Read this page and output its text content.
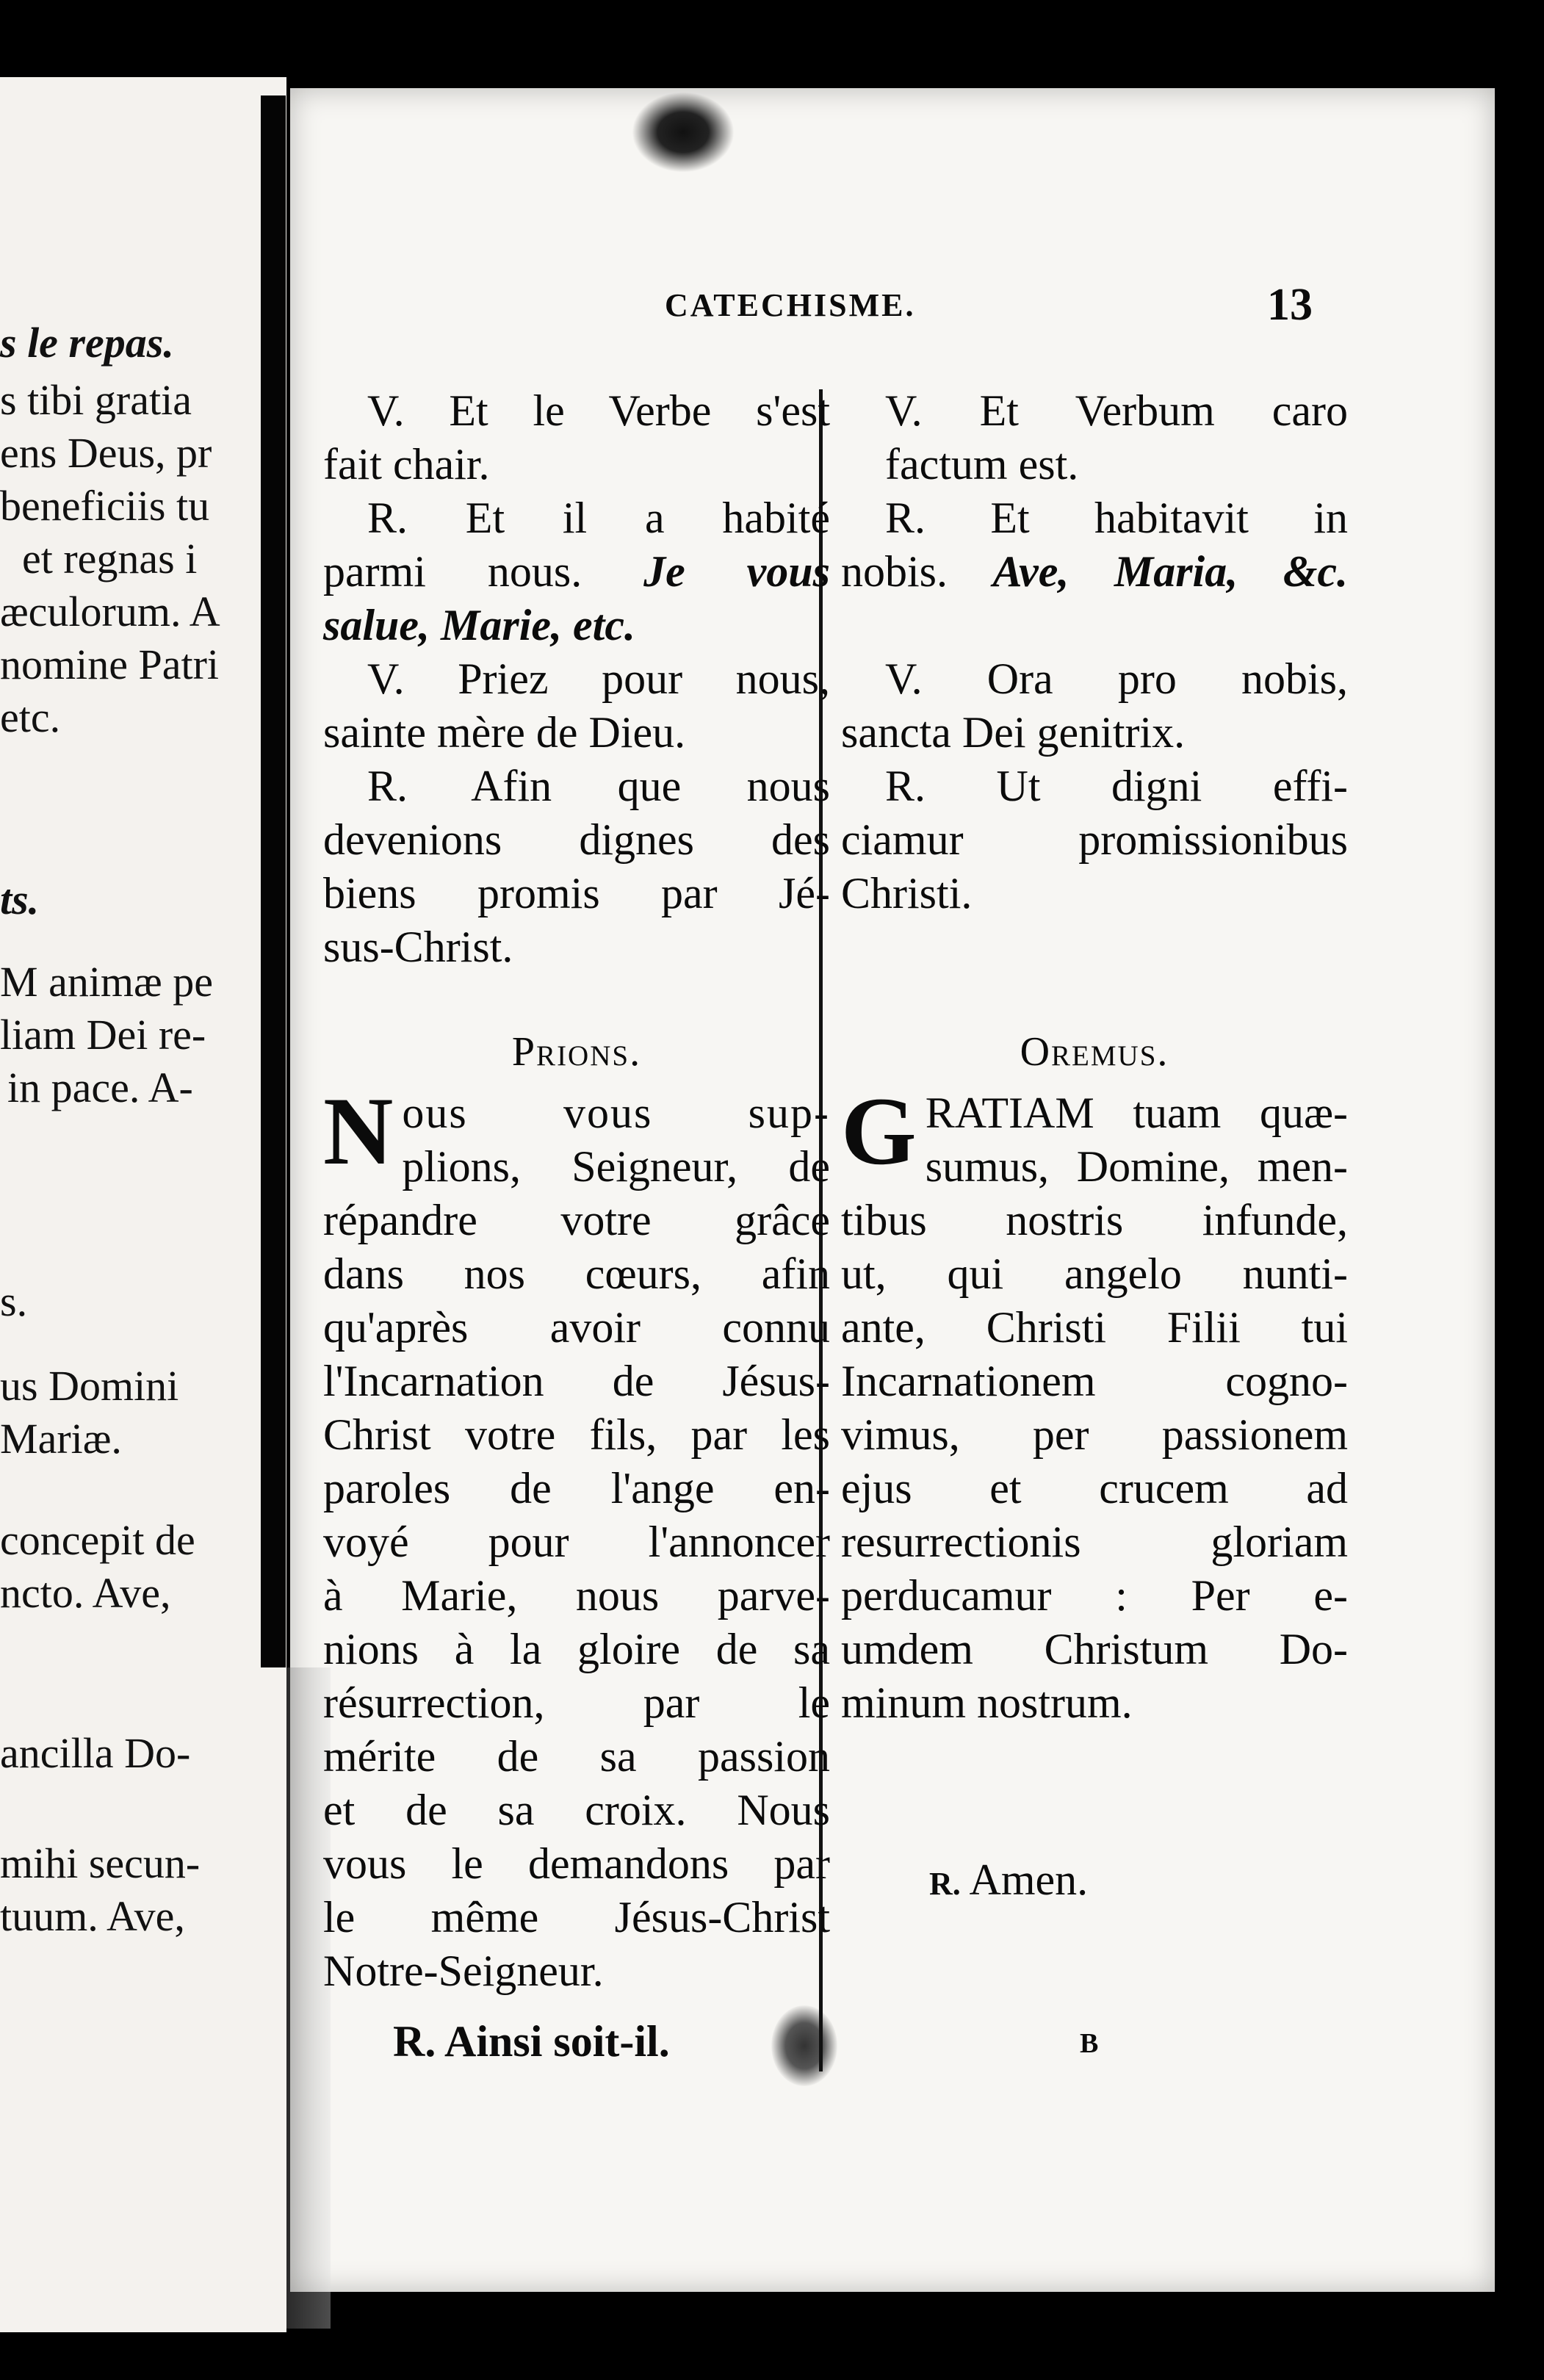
s le repas.
s tibi gratia
ens Deus, pr
beneficiis tu
et regnas i
æculorum. A
nomine Patri
etc.
ts.
M animæ pe
liam Dei re-
in pace. A-
s.
us Domini
Mariæ.
concepit de
ncto. Ave,
ancilla Do-
mihi secun-
tuum. Ave,
CATECHISME.	13
V. Et le Verbe s'est
fait chair.
R. Et il a habité
parmi nous. Je vous
salue, Marie, etc.
V. Priez pour nous,
sainte mère de Dieu.
R. Afin que nous
devenions dignes des
biens promis par Jé-
sus-Christ.
Prions.
N ous vous sup-
plions, Seigneur, de
répandre votre grâce
dans nos cœurs, afin
qu'après avoir connu
l'Incarnation de Jésus-
Christ votre fils, par les
paroles de l'ange en-
voyé pour l'annoncer
à Marie, nous parve-
nions à la gloire de sa
résurrection, par le
mérite de sa passion
et de sa croix. Nous
vous le demandons par
le même Jésus-Christ
Notre-Seigneur.
R. Ainsi soit-il.
V. Et Verbum caro
factum est.
R. Et habitavit in
nobis. Ave, Maria, &c.

V. Ora pro nobis,
sancta Dei genitrix.
R. Ut digni effi-
ciamur promissionibus
Christi.

Oremus.
G RATIAM tuam quæ-
sumus, Domine, men-
tibus nostris infunde,
ut, qui angelo nunti-
ante, Christi Filii tui
Incarnationem cogno-
vimus, per passionem
ejus et crucem ad
resurrectionis gloriam
perducamur : Per e-
umdem Christum Do-
minum nostrum.
R. Amen.
B
